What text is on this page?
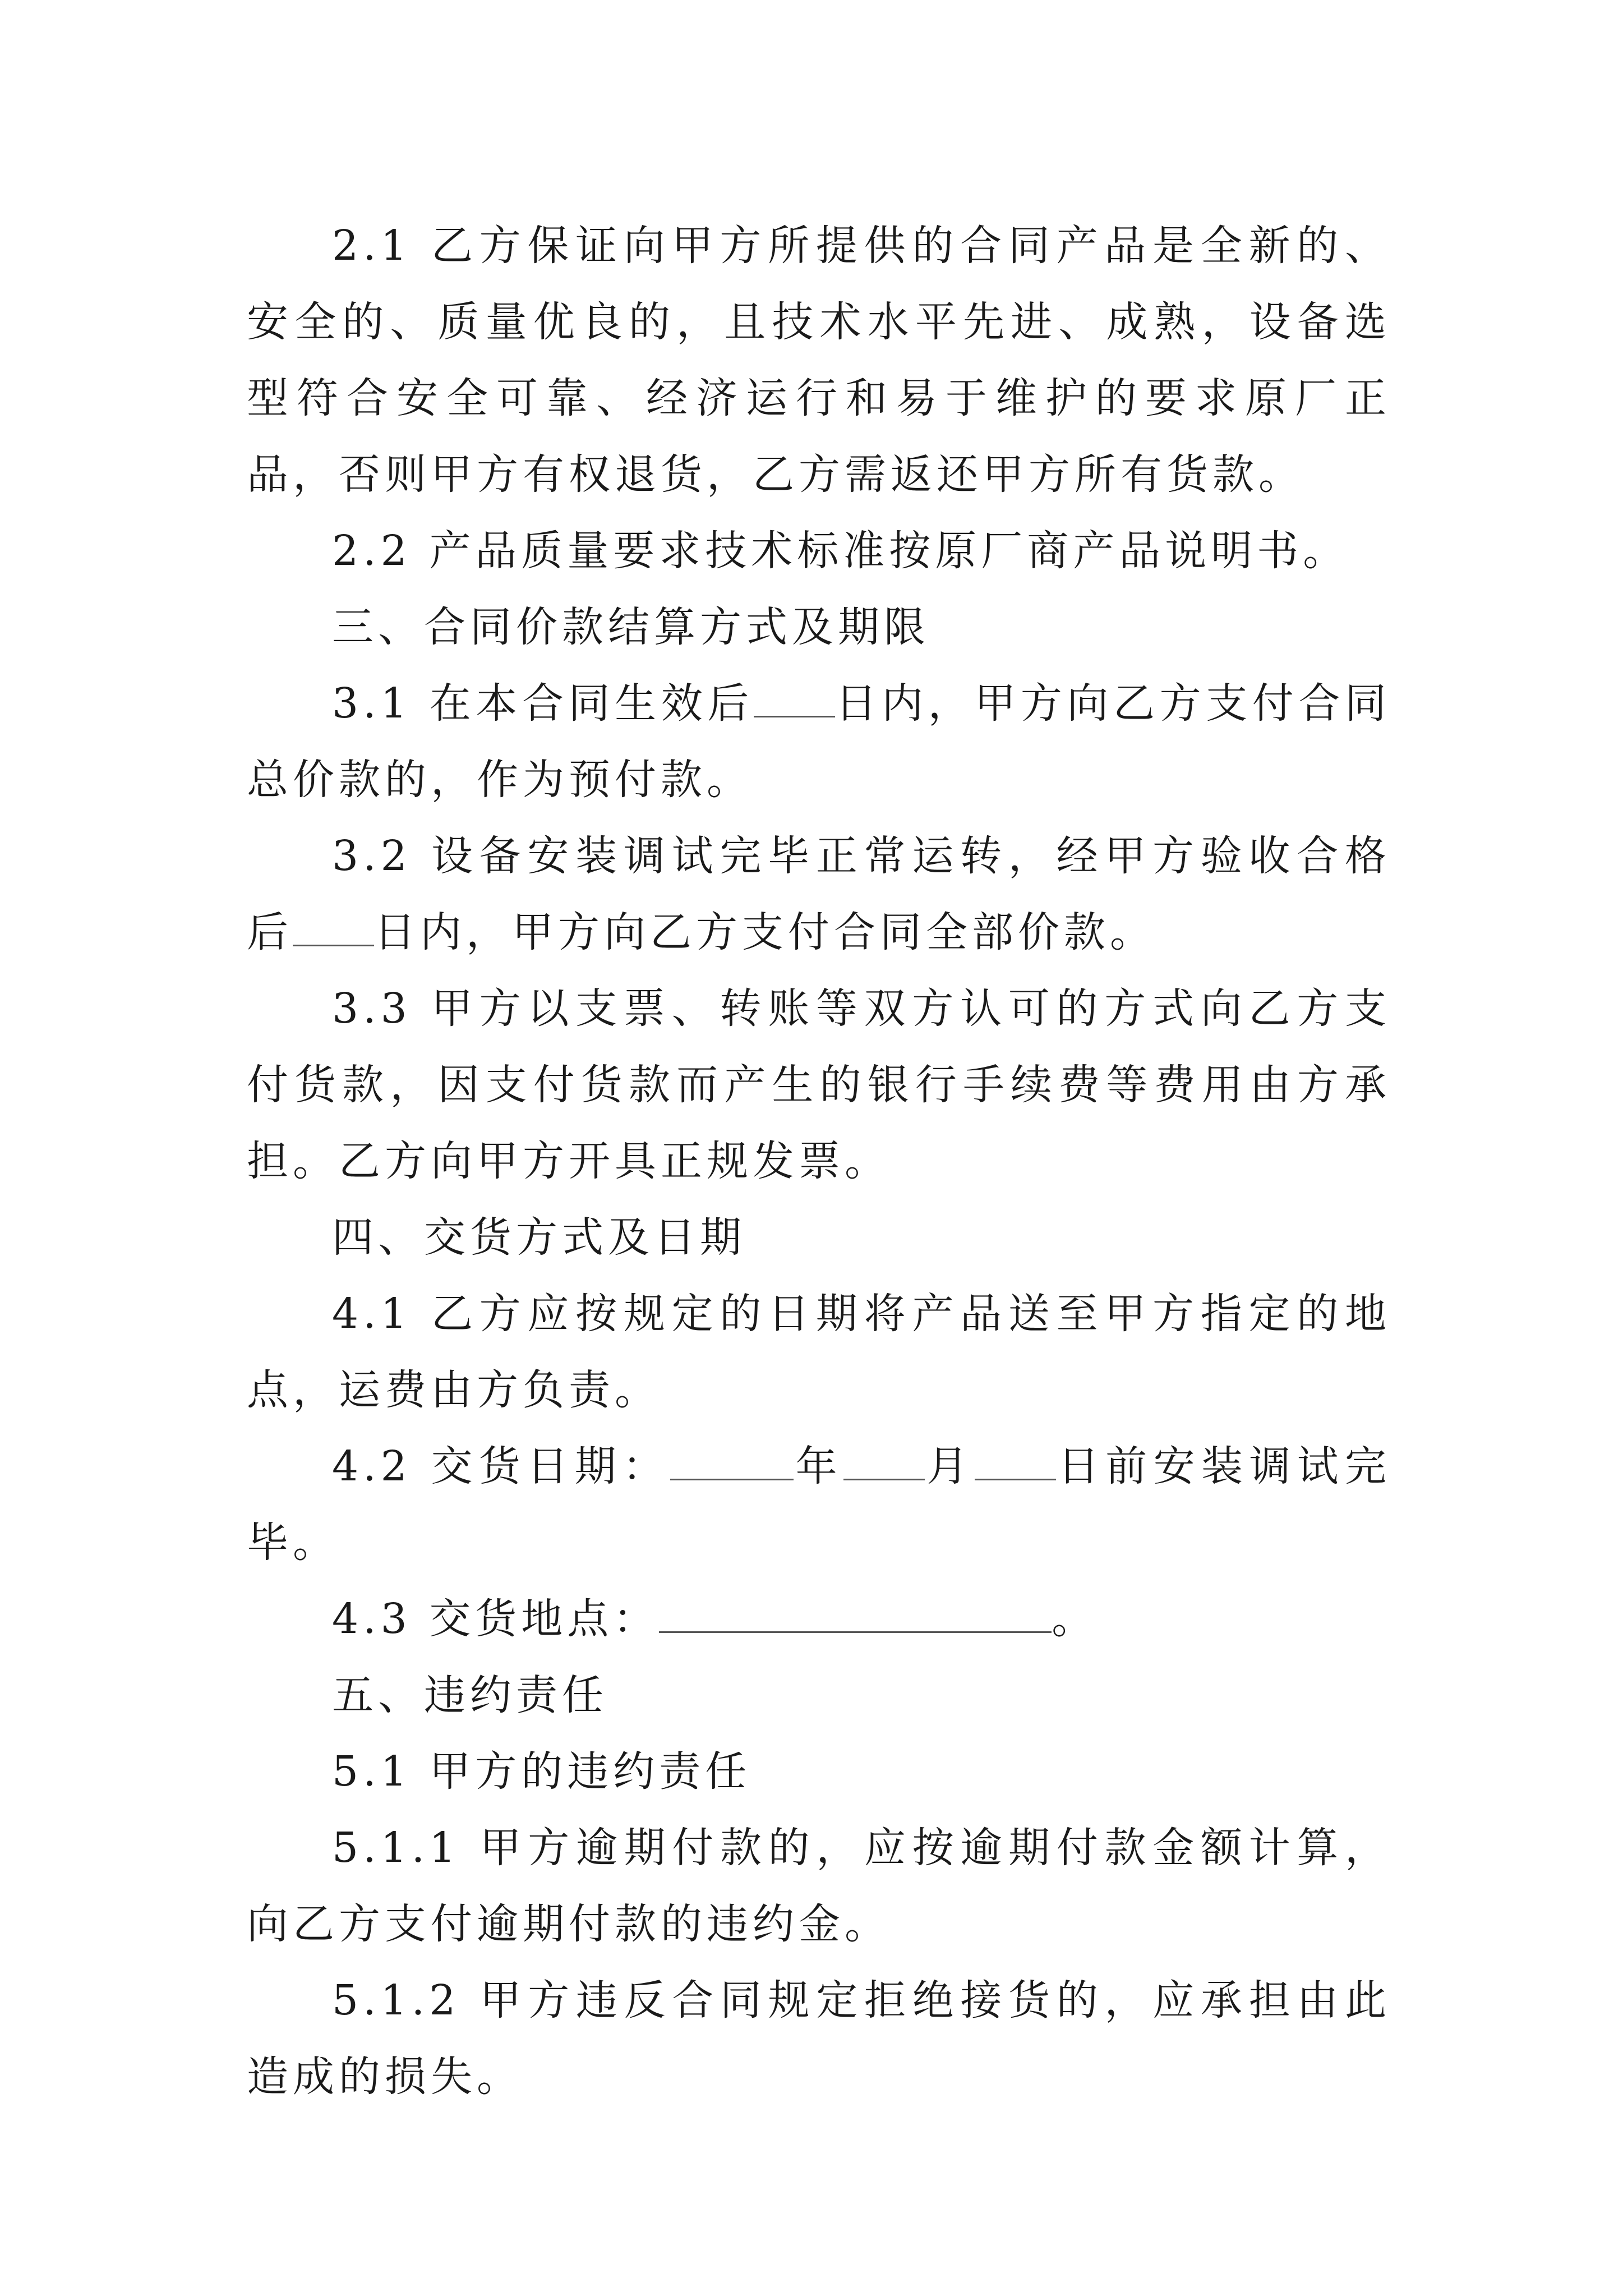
2.1 乙方保证向甲方所提供的合同产品是全新的、安全的、质量优良的，且技术水平先进、成熟，设备选型符合安全可靠、经济运行和易于维护的要求原厂正品，否则甲方有权退货，乙方需返还甲方所有货款。

2.2 产品质量要求技术标准按原厂商产品说明书。

三、合同价款结算方式及期限

3.1 在本合同生效后 日内，甲方向乙方支付合同总价款的，作为预付款。

3.2 设备安装调试完毕正常运转，经甲方验收合格后 日内，甲方向乙方支付合同全部价款。

3.3 甲方以支票、转账等双方认可的方式向乙方支付货款，因支付货款而产生的银行手续费等费用由方承担。乙方向甲方开具正规发票。

四、交货方式及日期

4.1 乙方应按规定的日期将产品送至甲方指定的地点，运费由方负责。

4.2 交货日期：	年 月 日前安装调试完毕。

4.3 交货地点：	。

五、违约责任

5.1 甲方的违约责任

5.1.1 甲方逾期付款的，应按逾期付款金额计算，向乙方支付逾期付款的违约金。

5.1.2 甲方违反合同规定拒绝接货的，应承担由此造成的损失。
